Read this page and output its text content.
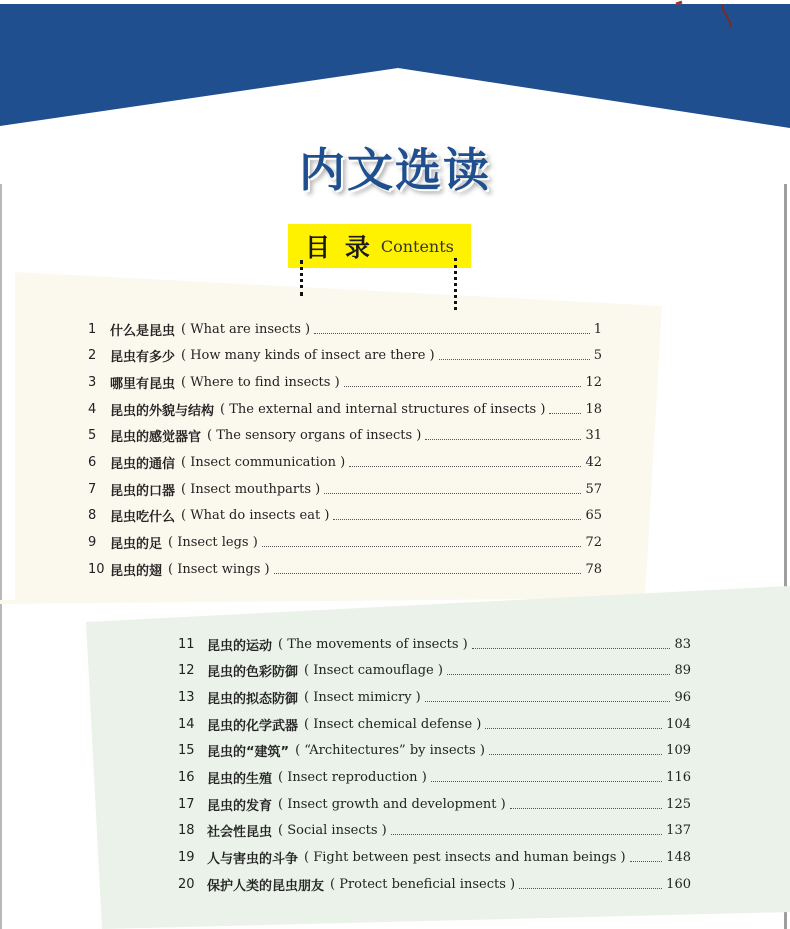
内文选读
目 录 Contents
1	什么是昆虫 ( What are insects )	1
2	昆虫有多少 ( How many kinds of insect are there )	5
3	哪里有昆虫 ( Where to find insects )	12
4	昆虫的外貌与结构 ( The external and internal structures of insects )	18
5	昆虫的感觉器官 ( The sensory organs of insects )	31
6	昆虫的通信 ( Insect communication )	42
7	昆虫的口器 ( Insect mouthparts )	57
8	昆虫吃什么 ( What do insects eat )	65
9	昆虫的足 ( Insect legs )	72
10 昆虫的翅 ( Insect wings )	78
11 昆虫的运动 ( The movements of insects )	83
12 昆虫的色彩防御 ( Insect camouflage )	89
13 昆虫的拟态防御 ( Insect mimicry )	96
14 昆虫的化学武器 ( Insect chemical defense )	104
15 昆虫的“建筑” ( “Architectures” by insects )	109
16 昆虫的生殖 ( Insect reproduction )	116
17 昆虫的发育 ( Insect growth and development )	125
18 社会性昆虫 ( Social insects )	137
19 人与害虫的斗争 ( Fight between pest insects and human beings )	148
20 保护人类的昆虫朋友 ( Protect beneficial insects )	160
